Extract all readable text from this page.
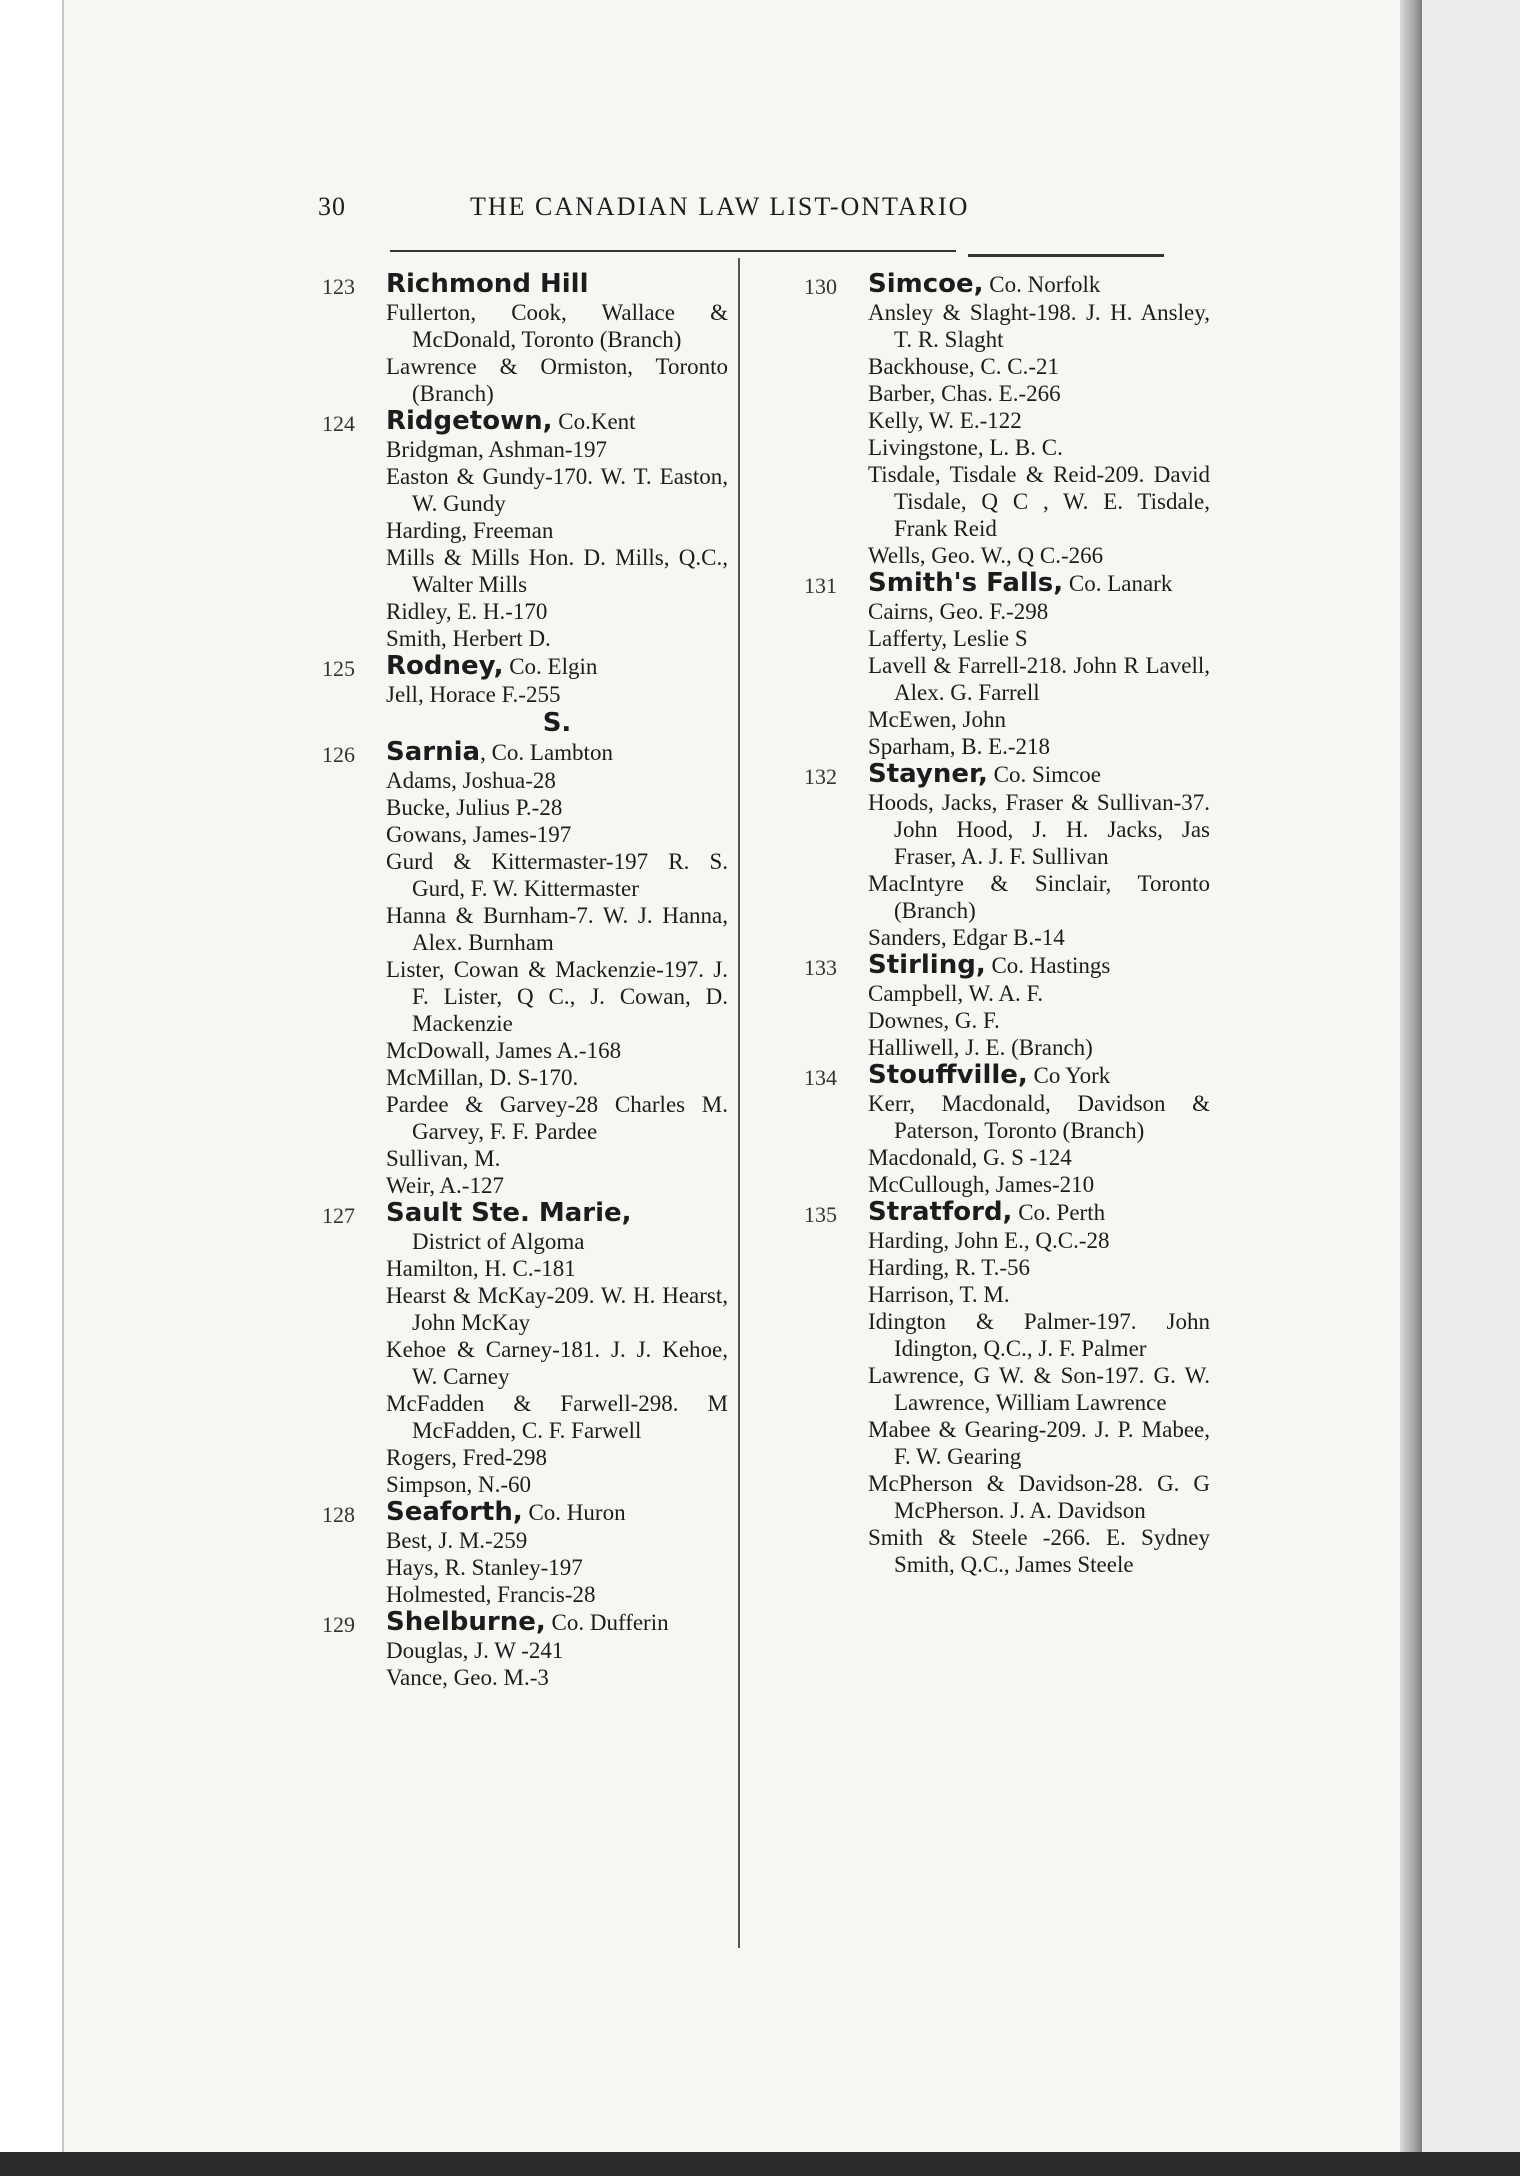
30	THE CANADIAN LAW LIST-ONTARIO
123 Richmond Hill
Fullerton, Cook, Wallace & McDonald, Toronto (Branch)
Lawrence & Ormiston, Toronto (Branch)
124 Ridgetown, Co.Kent
Bridgman, Ashman-197
Easton & Gundy-170. W. T. Easton, W. Gundy
Harding, Freeman
Mills & Mills Hon. D. Mills, Q.C., Walter Mills
Ridley, E. H.-170
Smith, Herbert D.
125 Rodney, Co. Elgin
Jell, Horace F.-255
S.
126 Sarnia, Co. Lambton
Adams, Joshua-28
Bucke, Julius P.-28
Gowans, James-197
Gurd & Kittermaster-197 R. S. Gurd, F. W. Kittermaster
Hanna & Burnham-7. W. J. Hanna, Alex. Burnham
Lister, Cowan & Mackenzie-197. J. F. Lister, Q C., J. Cowan, D. Mackenzie
McDowall, James A.-168
McMillan, D. S-170.
Pardee & Garvey-28 Charles M. Garvey, F. F. Pardee
Sullivan, M.
Weir, A.-127
127 Sault Ste. Marie,
District of Algoma
Hamilton, H. C.-181
Hearst & McKay-209. W. H. Hearst, John McKay
Kehoe & Carney-181. J. J. Kehoe, W. Carney
McFadden & Farwell-298. M McFadden, C. F. Farwell
Rogers, Fred-298
Simpson, N.-60
128 Seaforth, Co. Huron
Best, J. M.-259
Hays, R. Stanley-197
Holmested, Francis-28
129 Shelburne, Co. Dufferin
Douglas, J. W -241
Vance, Geo. M.-3
130 Simcoe, Co. Norfolk
Ansley & Slaght-198. J. H. Ansley, T. R. Slaght
Backhouse, C. C.-21
Barber, Chas. E.-266
Kelly, W. E.-122
Livingstone, L. B. C.
Tisdale, Tisdale & Reid-209. David Tisdale, Q C , W. E. Tisdale, Frank Reid
Wells, Geo. W., Q C.-266
131 Smith's Falls, Co. Lanark
Cairns, Geo. F.-298
Lafferty, Leslie S
Lavell & Farrell-218. John R Lavell, Alex. G. Farrell
McEwen, John
Sparham, B. E.-218
132 Stayner, Co. Simcoe
Hoods, Jacks, Fraser & Sullivan-37. John Hood, J. H. Jacks, Jas Fraser, A. J. F. Sullivan
MacIntyre & Sinclair, Toronto (Branch)
Sanders, Edgar B.-14
133 Stirling, Co. Hastings
Campbell, W. A. F.
Downes, G. F.
Halliwell, J. E. (Branch)
134 Stouffville, Co York
Kerr, Macdonald, Davidson & Paterson, Toronto (Branch)
Macdonald, G. S -124
McCullough, James-210
135 Stratford, Co. Perth
Harding, John E., Q.C.-28
Harding, R. T.-56
Harrison, T. M.
Idington & Palmer-197. John Idington, Q.C., J. F. Palmer
Lawrence, G W. & Son-197. G. W. Lawrence, William Lawrence
Mabee & Gearing-209. J. P. Mabee, F. W. Gearing
McPherson & Davidson-28. G. G McPherson. J. A. Davidson
Smith & Steele -266. E. Sydney Smith, Q.C., James Steele
